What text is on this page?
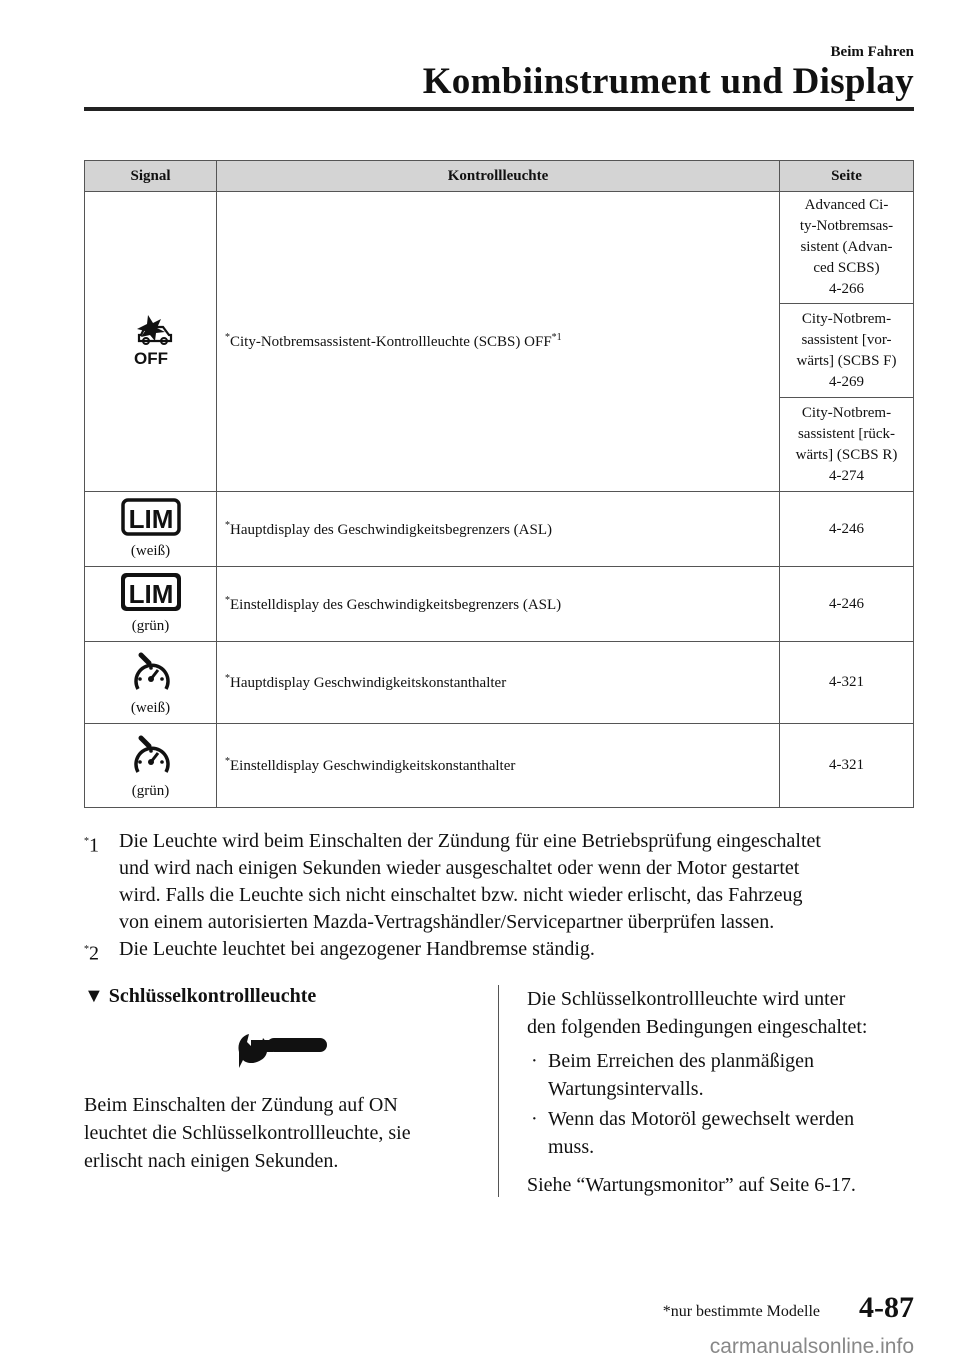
Beim Fahren
Kombiinstrument und Display
Signal	Kontrollleuchte	Seite

OFF	*City-Notbremsassistent-Kontrollleuchte (SCBS) OFF$^{*1}$	Advanced Ci-
ty-Notbremsas-
sistent (Advan-
ced SCBS)
4-266

		City-Notbrem-
sassistent [vor-
wärts] (SCBS F)
4-269

		City-Notbrem-
sassistent [rück-
wärts] (SCBS R)
4-274

LIM
(weiß)	*Hauptdisplay des Geschwindigkeitsbegrenzers (ASL)	4-246

LIM
(grün)	*Einstelldisplay des Geschwindigkeitsbegrenzers (ASL)	4-246

(weiß)	*Hauptdisplay Geschwindigkeitskonstanthalter	4-321

(grün)	*Einstelldisplay Geschwindigkeitskonstanthalter	4-321
*1 Die Leuchte wird beim Einschalten der Zündung für eine Betriebsprüfung eingeschaltet
und wird nach einigen Sekunden wieder ausgeschaltet oder wenn der Motor gestartet
wird. Falls die Leuchte sich nicht einschaltet bzw. nicht wieder erlischt, das Fahrzeug
von einem autorisierten Mazda-Vertragshändler/Servicepartner überprüfen lassen.
*2 Die Leuchte leuchtet bei angezogener Handbremse ständig.
▼ Schlüsselkontrollleuchte
Beim Einschalten der Zündung auf ON
leuchtet die Schlüsselkontrollleuchte, sie
erlischt nach einigen Sekunden.
Die Schlüsselkontrollleuchte wird unter
den folgenden Bedingungen eingeschaltet:
· Beim Erreichen des planmäßigen
Wartungsintervalls.
· Wenn das Motoröl gewechselt werden
muss.
Siehe “Wartungsmonitor” auf Seite 6-17.
*nur bestimmte Modelle 4-87
carmanualsonline.info
